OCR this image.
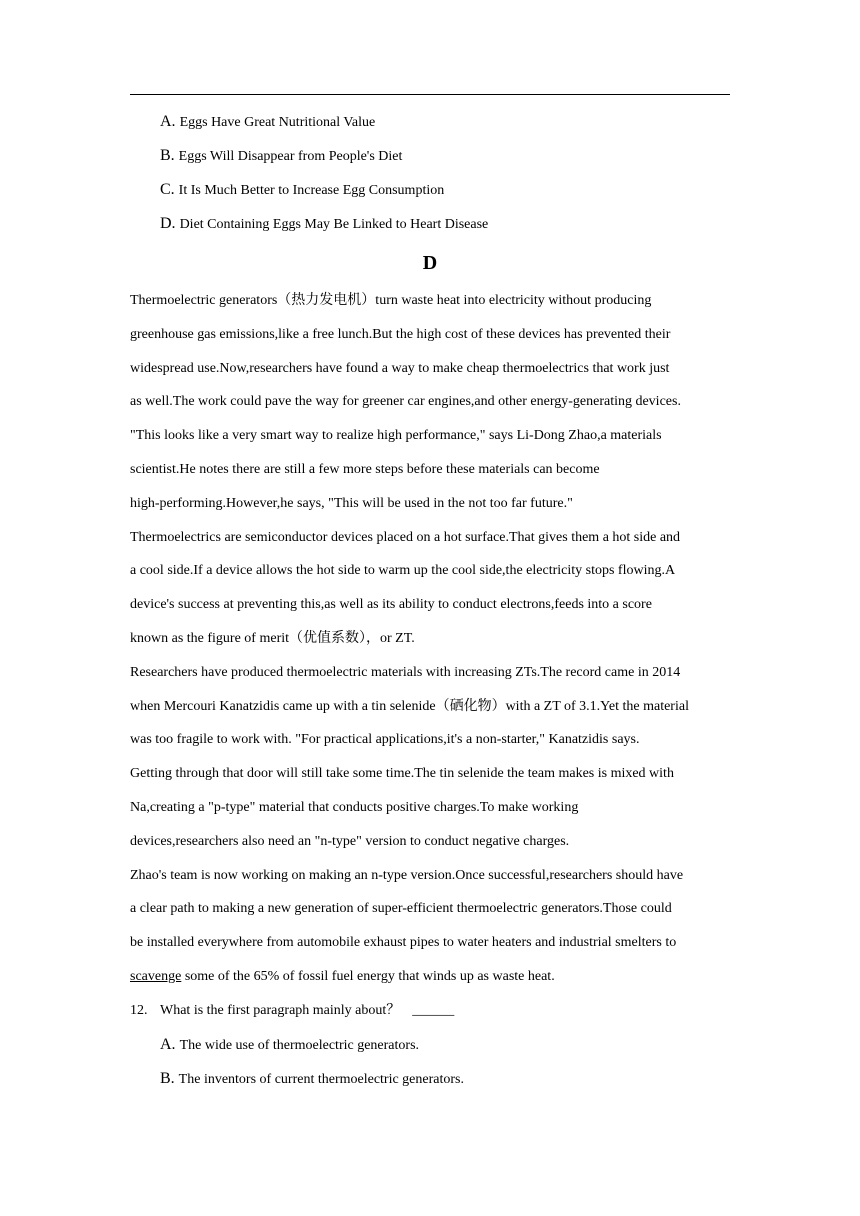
A. Eggs Have Great Nutritional Value
B. Eggs Will Disappear from People's Diet
C. It Is Much Better to Increase Egg Consumption
D. Diet Containing Eggs May Be Linked to Heart Disease
D
Thermoelectric generators（热力发电机）turn waste heat into electricity without producing
greenhouse gas emissions,like a free lunch.But the high cost of these devices has prevented their
widespread use.Now,researchers have found a way to make cheap thermoelectrics that work just
as well.The work could pave the way for greener car engines,and other energy-generating devices.
"This looks like a very smart way to realize high performance," says Li-Dong Zhao,a materials
scientist.He notes there are still a few more steps before these materials can become
high-performing.However,he says, "This will be used in the not too far future."
Thermoelectrics are semiconductor devices placed on a hot surface.That gives them a hot side and
a cool side.If a device allows the hot side to warm up the cool side,the electricity stops flowing.A
device's success at preventing this,as well as its ability to conduct electrons,feeds into a score
known as the figure of merit（优值系数），or ZT.
Researchers have produced thermoelectric materials with increasing ZTs.The record came in 2014
when Mercouri Kanatzidis came up with a tin selenide（硒化物）with a ZT of 3.1.Yet the material
was too fragile to work with. "For practical applications,it's a non-starter," Kanatzidis says.
Getting through that door will still take some time.The tin selenide the team makes is mixed with
Na,creating a "p-type" material that conducts positive charges.To make working
devices,researchers also need an "n-type" version to conduct negative charges.
Zhao's team is now working on making an n-type version.Once successful,researchers should have
a clear path to making a new generation of super-efficient thermoelectric generators.Those could
be installed everywhere from automobile exhaust pipes to water heaters and industrial smelters to
scavenge some of the 65% of fossil fuel energy that winds up as waste heat.
12. What is the first paragraph mainly about？ ______
A. The wide use of thermoelectric generators.
B. The inventors of current thermoelectric generators.
